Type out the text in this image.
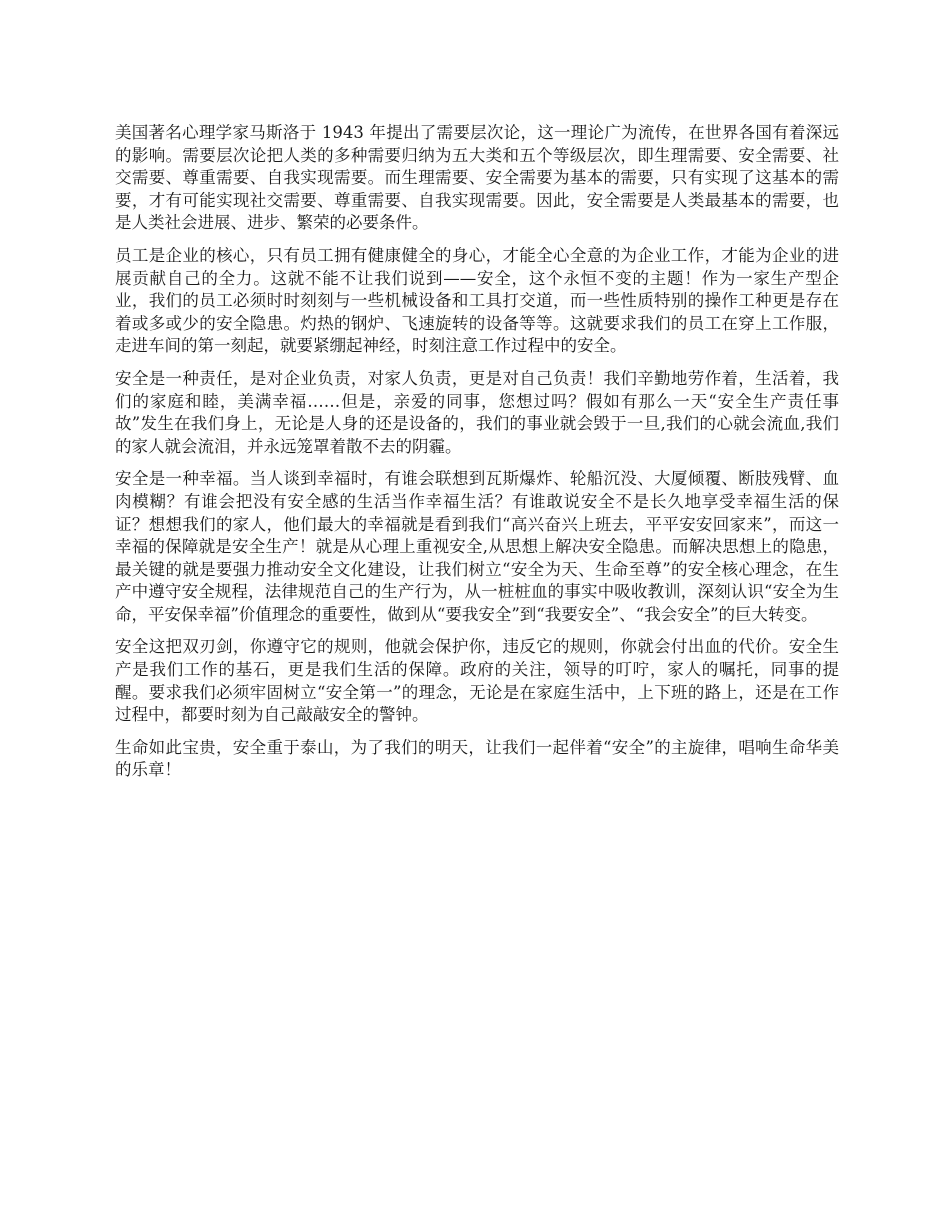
美国著名心理学家马斯洛于 1943 年提出了需要层次论，这一理论广为流传，在世界各国有着深远的影响。需要层次论把人类的多种需要归纳为五大类和五个等级层次，即生理需要、安全需要、社交需要、尊重需要、自我实现需要。而生理需要、安全需要为基本的需要，只有实现了这基本的需要，才有可能实现社交需要、尊重需要、自我实现需要。因此，安全需要是人类最基本的需要，也是人类社会进展、进步、繁荣的必要条件。

员工是企业的核心，只有员工拥有健康健全的身心，才能全心全意的为企业工作，才能为企业的进展贡献自己的全力。这就不能不让我们说到——安全，这个永恒不变的主题！作为一家生产型企业，我们的员工必须时时刻刻与一些机械设备和工具打交道，而一些性质特别的操作工种更是存在着或多或少的安全隐患。灼热的钢炉、飞速旋转的设备等等。这就要求我们的员工在穿上工作服，走进车间的第一刻起，就要紧绷起神经，时刻注意工作过程中的安全。

安全是一种责任，是对企业负责，对家人负责，更是对自己负责！我们辛勤地劳作着，生活着，我们的家庭和睦，美满幸福……但是，亲爱的同事，您想过吗？假如有那么一天“安全生产责任事故”发生在我们身上，无论是人身的还是设备的，我们的事业就会毁于一旦,我们的心就会流血,我们的家人就会流泪，并永远笼罩着散不去的阴霾。

安全是一种幸福。当人谈到幸福时，有谁会联想到瓦斯爆炸、轮船沉没、大厦倾覆、断肢残臂、血肉模糊？有谁会把没有安全感的生活当作幸福生活？有谁敢说安全不是长久地享受幸福生活的保证？想想我们的家人，他们最大的幸福就是看到我们“高兴奋兴上班去，平平安安回家来”，而这一幸福的保障就是安全生产！就是从心理上重视安全,从思想上解决安全隐患。而解决思想上的隐患，最关键的就是要强力推动安全文化建设，让我们树立“安全为天、生命至尊”的安全核心理念，在生产中遵守安全规程，法律规范自己的生产行为，从一桩桩血的事实中吸收教训，深刻认识“安全为生命，平安保幸福”价值理念的重要性，做到从“要我安全”到“我要安全”、“我会安全”的巨大转变。

安全这把双刃剑，你遵守它的规则，他就会保护你，违反它的规则，你就会付出血的代价。安全生产是我们工作的基石，更是我们生活的保障。政府的关注，领导的叮咛，家人的嘱托，同事的提醒。要求我们必须牢固树立“安全第一”的理念，无论是在家庭生活中，上下班的路上，还是在工作过程中，都要时刻为自己敲敲安全的警钟。

生命如此宝贵，安全重于泰山，为了我们的明天，让我们一起伴着“安全”的主旋律，唱响生命华美的乐章！
